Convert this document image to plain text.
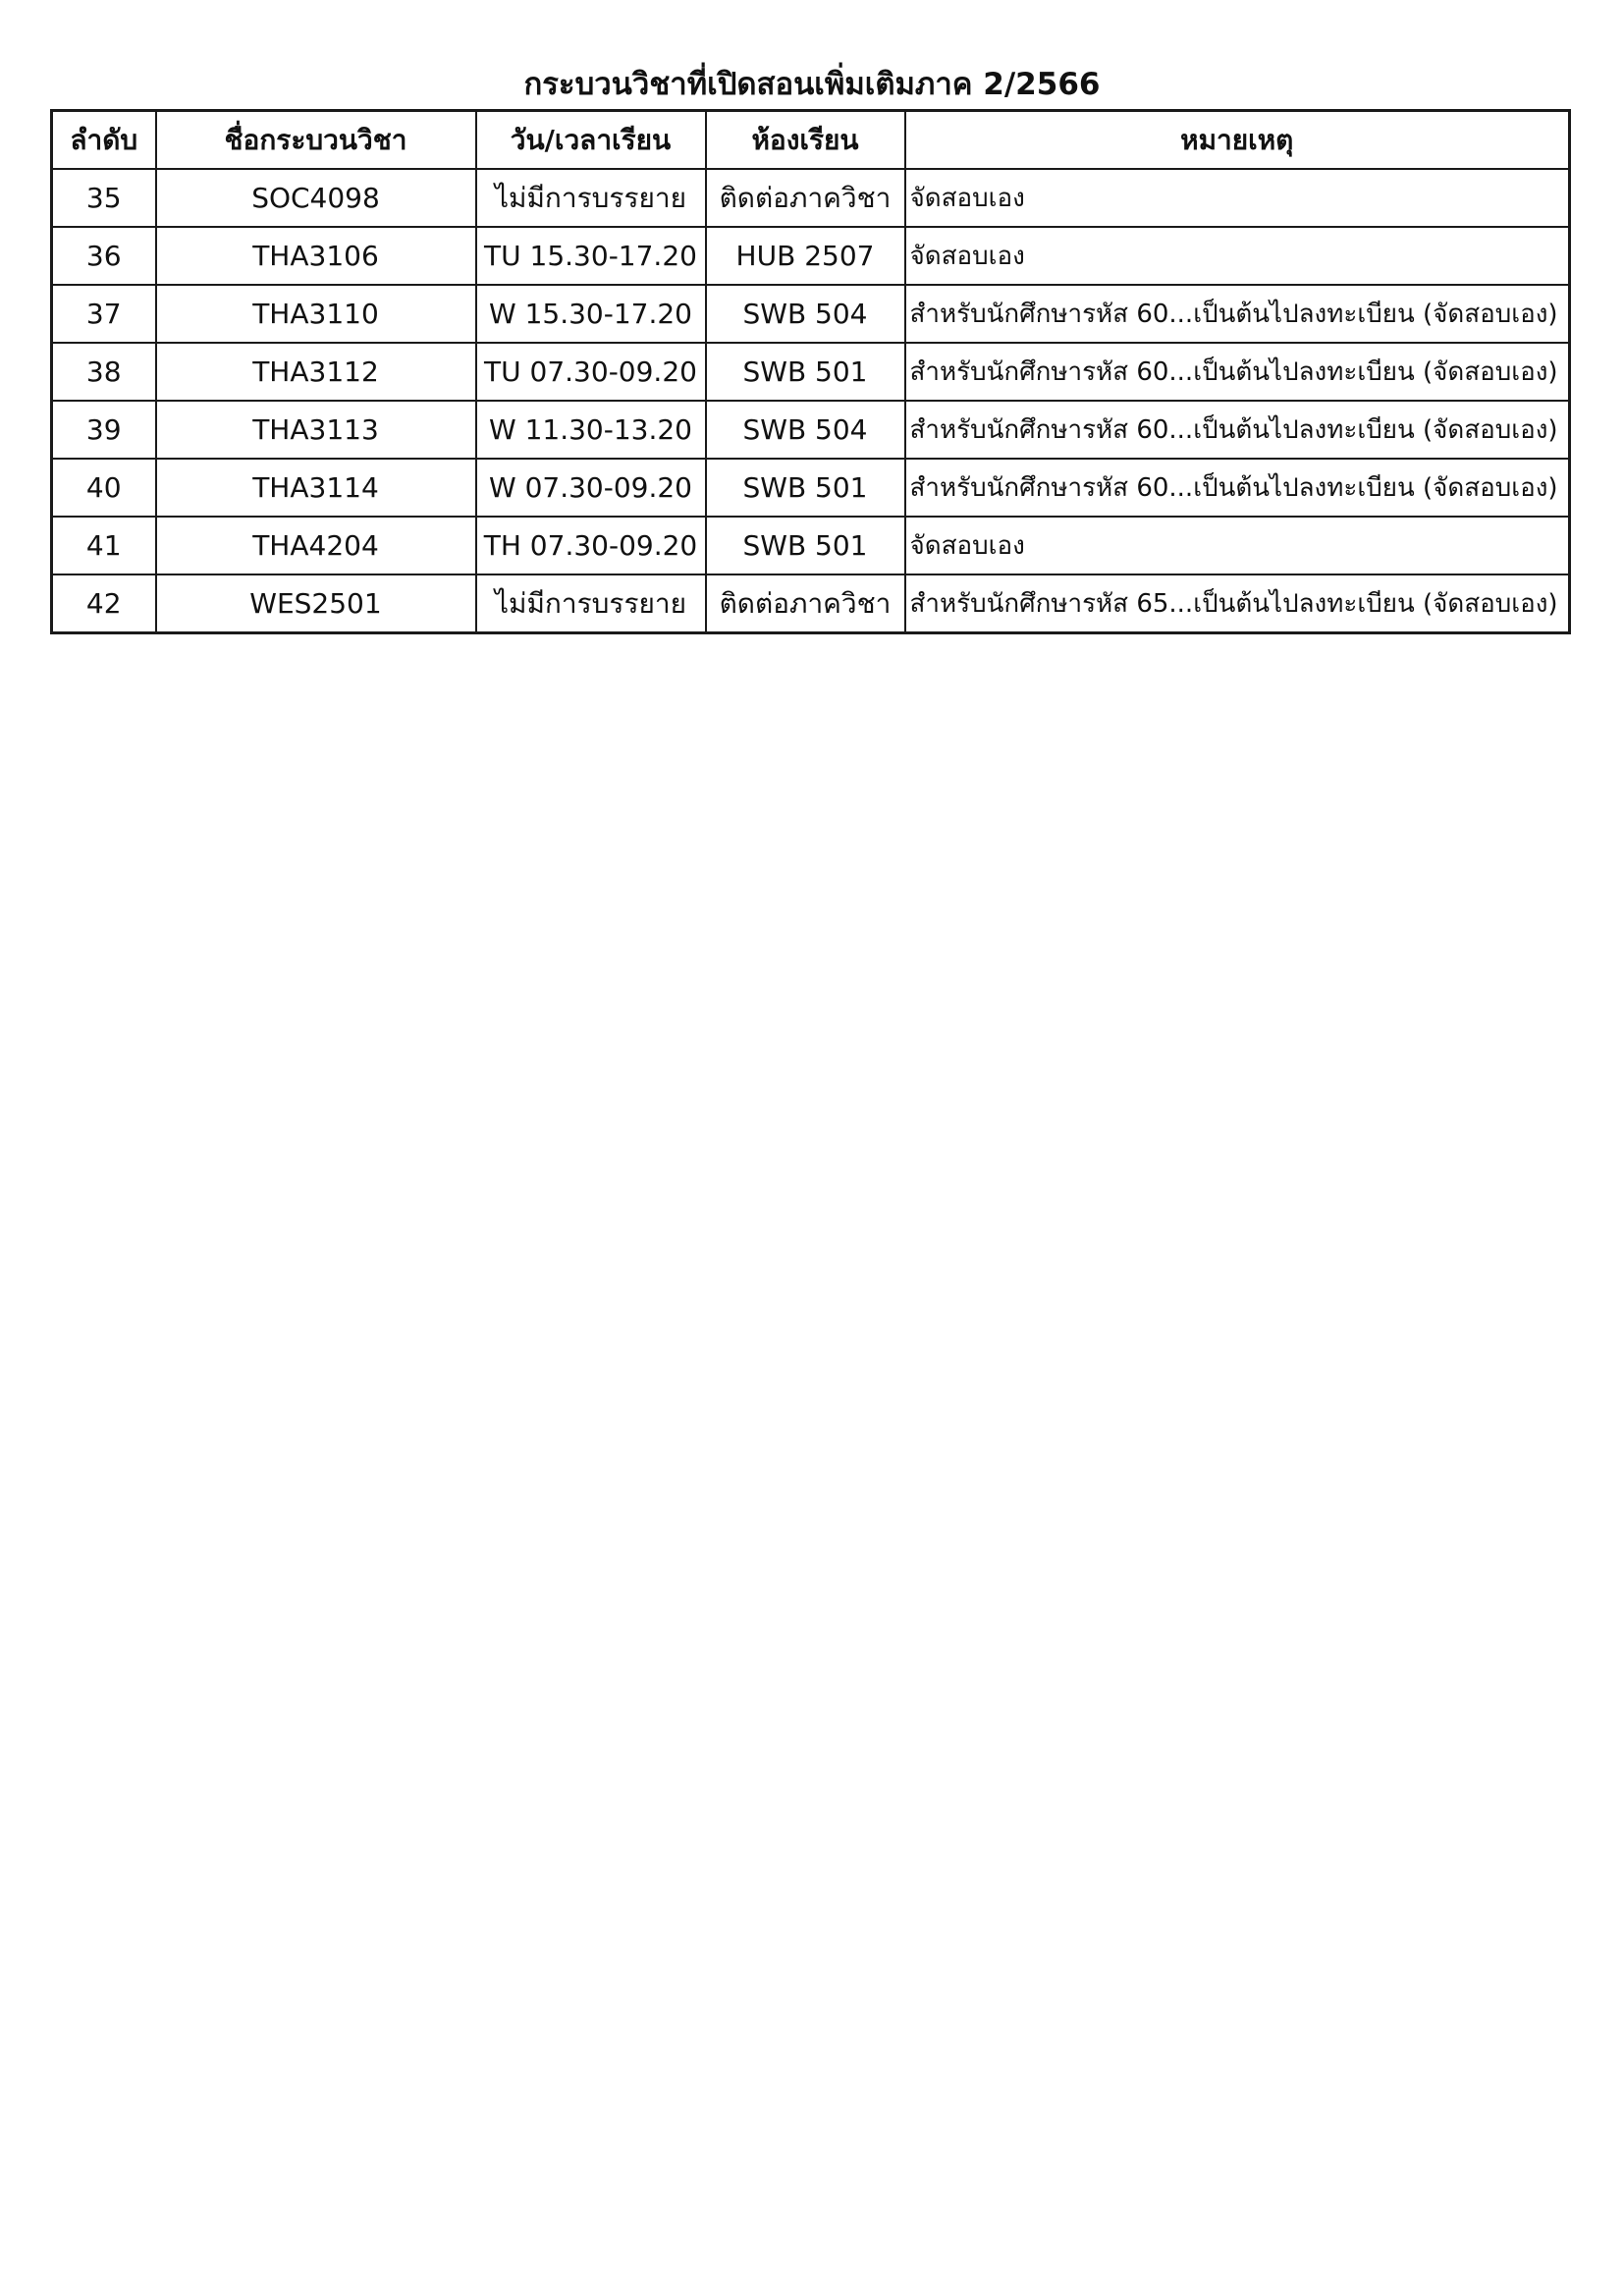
กระบวนวิชาที่เปิดสอนเพิ่มเติมภาค 2/2566
ลำดับ	ชื่อกระบวนวิชา	วัน/เวลาเรียน	ห้องเรียน	หมายเหตุ
35	SOC4098	ไม่มีการบรรยาย	ติดต่อภาควิชา	จัดสอบเอง
36	THA3106	TU 15.30-17.20	HUB 2507	จัดสอบเอง
37	THA3110	W 15.30-17.20	SWB 504	สำหรับนักศึกษารหัส 60...เป็นต้นไปลงทะเบียน (จัดสอบเอง)
38	THA3112	TU 07.30-09.20	SWB 501	สำหรับนักศึกษารหัส 60...เป็นต้นไปลงทะเบียน (จัดสอบเอง)
39	THA3113	W 11.30-13.20	SWB 504	สำหรับนักศึกษารหัส 60...เป็นต้นไปลงทะเบียน (จัดสอบเอง)
40	THA3114	W 07.30-09.20	SWB 501	สำหรับนักศึกษารหัส 60...เป็นต้นไปลงทะเบียน (จัดสอบเอง)
41	THA4204	TH 07.30-09.20	SWB 501	จัดสอบเอง
42	WES2501	ไม่มีการบรรยาย	ติดต่อภาควิชา	สำหรับนักศึกษารหัส 65...เป็นต้นไปลงทะเบียน (จัดสอบเอง)
